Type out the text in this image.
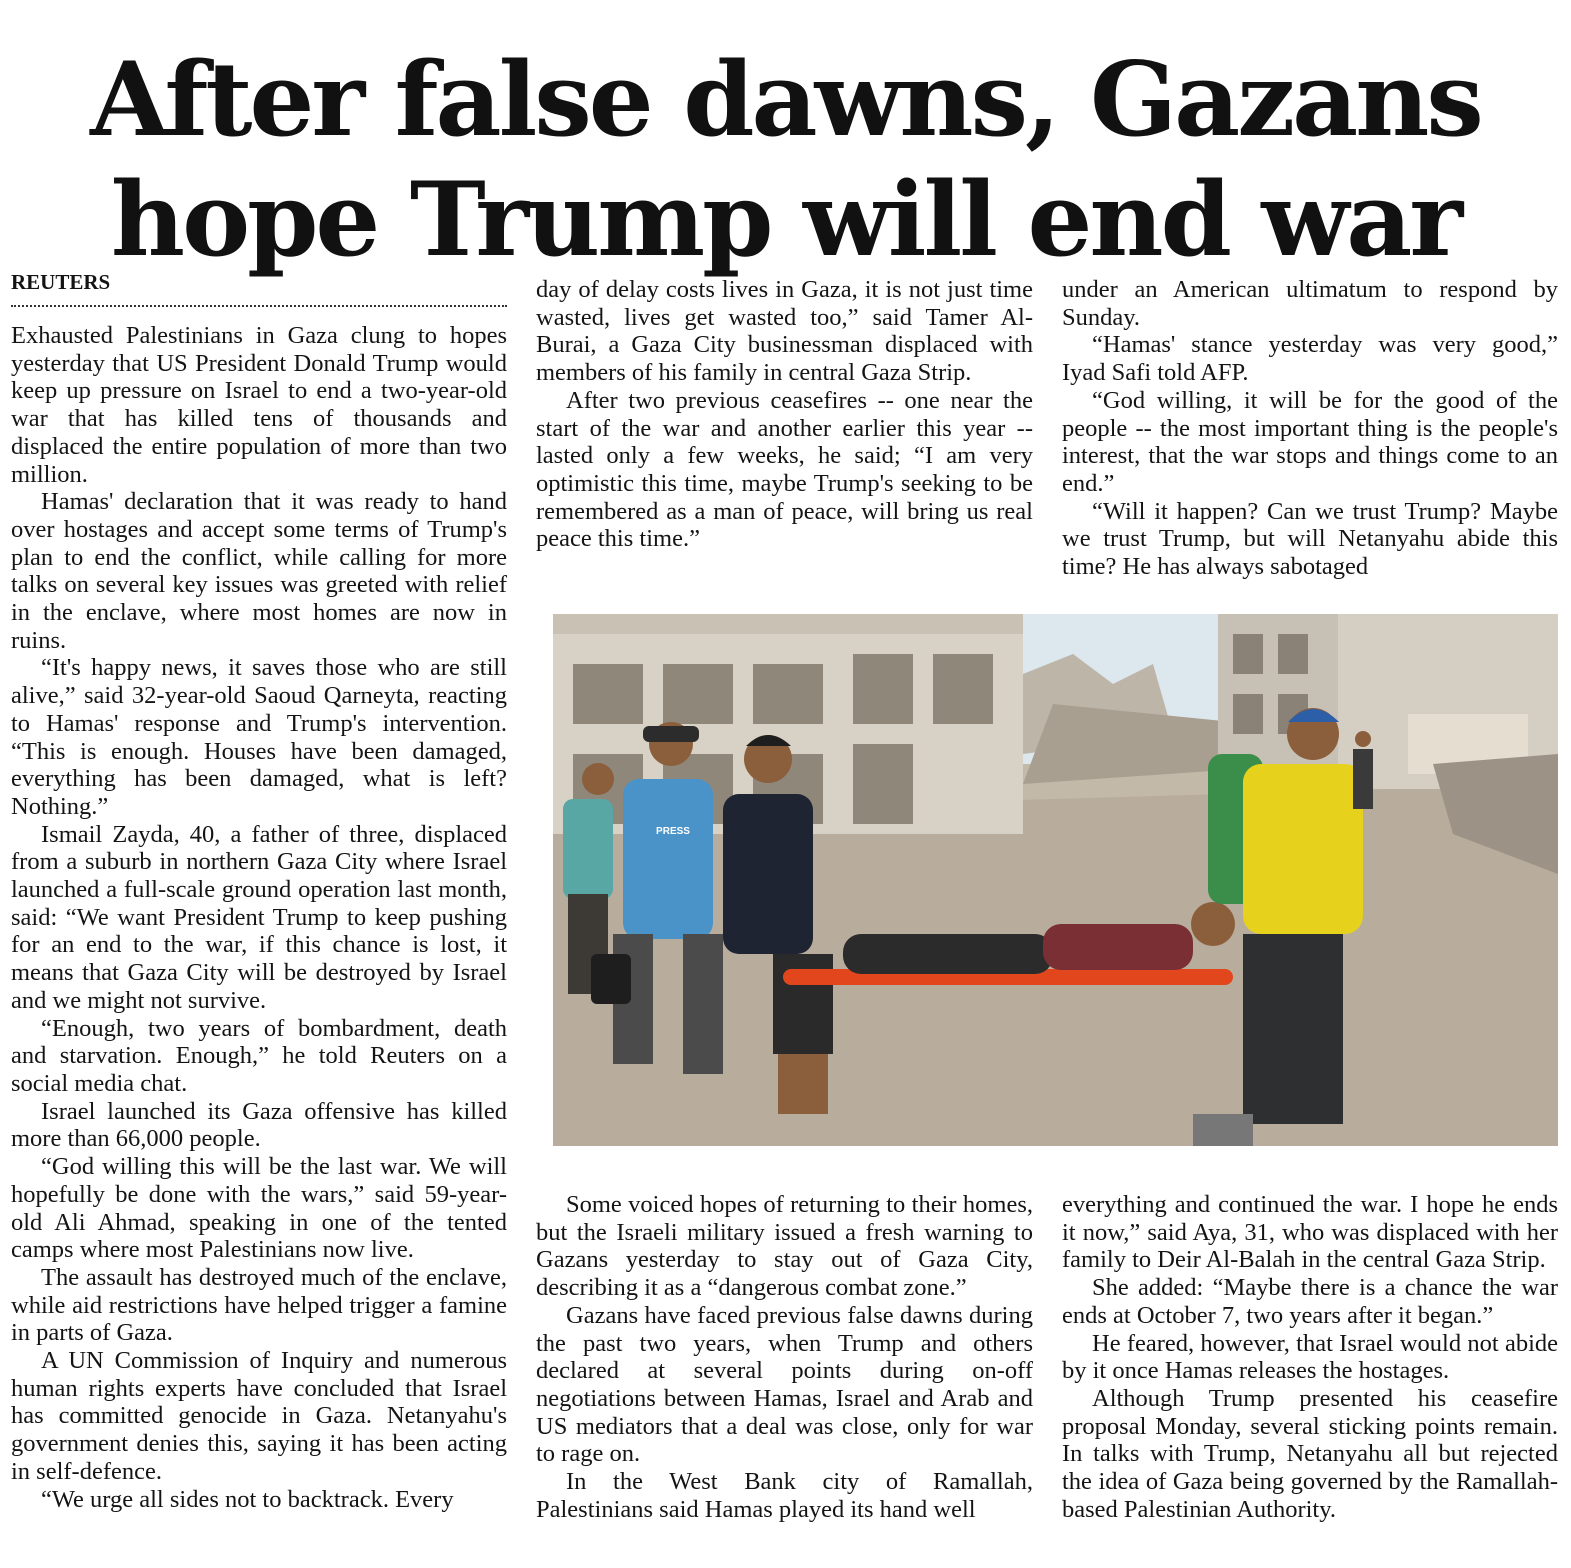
After false dawns, Gazans
hope Trump will end war
REUTERS

Exhausted Palestinians in Gaza clung to hopes yesterday that US President Donald Trump would keep up pressure on Israel to end a two-year-old war that has killed tens of thousands and displaced the entire population of more than two million.

Hamas' declaration that it was ready to hand over hostages and accept some terms of Trump's plan to end the conflict, while calling for more talks on several key issues was greeted with relief in the enclave, where most homes are now in ruins.

“It's happy news, it saves those who are still alive,” said 32-year-old Saoud Qarneyta, reacting to Hamas' response and Trump's intervention. “This is enough. Houses have been damaged, everything has been damaged, what is left? Nothing.”

Ismail Zayda, 40, a father of three, displaced from a suburb in northern Gaza City where Israel launched a full-scale ground operation last month, said: “We want President Trump to keep pushing for an end to the war, if this chance is lost, it means that Gaza City will be destroyed by Israel and we might not survive.

“Enough, two years of bombardment, death and starvation. Enough,” he told Reuters on a social media chat.

Israel launched its Gaza offensive has killed more than 66,000 people.

“God willing this will be the last war. We will hopefully be done with the wars,” said 59-year-old Ali Ahmad, speaking in one of the tented camps where most Palestinians now live.

The assault has destroyed much of the enclave, while aid restrictions have helped trigger a famine in parts of Gaza.

A UN Commission of Inquiry and numerous human rights experts have concluded that Israel has committed genocide in Gaza. Netanyahu's government denies this, saying it has been acting in self-defence.

“We urge all sides not to backtrack. Every

day of delay costs lives in Gaza, it is not just time wasted, lives get wasted too,” said Tamer Al-Burai, a Gaza City businessman displaced with members of his family in central Gaza Strip.

After two previous ceasefires -- one near the start of the war and another earlier this year -- lasted only a few weeks, he said; “I am very optimistic this time, maybe Trump's seeking to be remembered as a man of peace, will bring us real peace this time.”

under an American ultimatum to respond by Sunday.

“Hamas' stance yesterday was very good,” Iyad Safi told AFP.

“God willing, it will be for the good of the people -- the most important thing is the people's interest, that the war stops and things come to an end.”

“Will it happen? Can we trust Trump? Maybe we trust Trump, but will Netanyahu abide this time? He has always sabotaged

PRESS

Some voiced hopes of returning to their homes, but the Israeli military issued a fresh warning to Gazans yesterday to stay out of Gaza City, describing it as a “dangerous combat zone.”

Gazans have faced previous false dawns during the past two years, when Trump and others declared at several points during on-off negotiations between Hamas, Israel and Arab and US mediators that a deal was close, only for war to rage on.

In the West Bank city of Ramallah, Palestinians said Hamas played its hand well

everything and continued the war. I hope he ends it now,” said Aya, 31, who was displaced with her family to Deir Al-Balah in the central Gaza Strip.

She added: “Maybe there is a chance the war ends at October 7, two years after it began.”

He feared, however, that Israel would not abide by it once Hamas releases the hostages.

Although Trump presented his ceasefire proposal Monday, several sticking points remain. In talks with Trump, Netanyahu all but rejected the idea of Gaza being governed by the Ramallah-based Palestinian Authority.
